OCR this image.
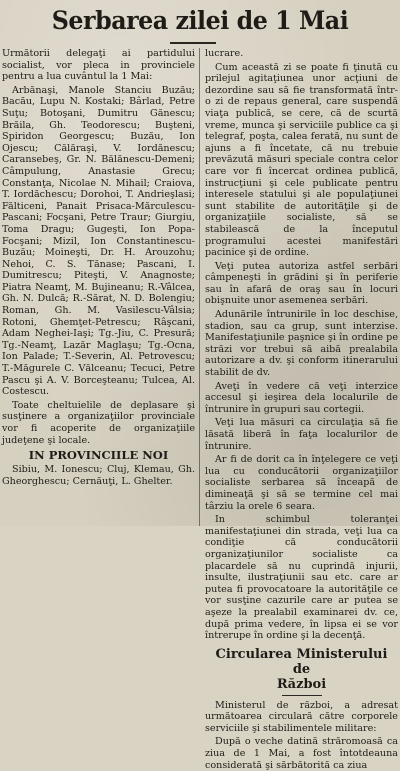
Serbarea zilei de 1 Mai

Următorii delegaţi ai partidului socialist, vor pleca in provinciele pentru a lua cuvântul la 1 Mai:

Arbănaşi, Manole Stanciu Buzău; Bacău, Lupu N. Kostaki; Bârlad, Petre Suţu; Botoşani, Dumitru Gănescu; Brăila, Gh. Teodorescu; Buşteni, Spiridon Georgescu; Buzău, Ion Ojescu; Călăraşi, V. Iordănescu; Caransebeş, Gr. N. Bălănescu-Demeni; Câmpulung, Anastasie Grecu; Constanţa, Nicolae N. Mihail; Craiova, T. Iordăchescu; Dorohoi, T. Andrieşlasi; Fălticeni, Panait Prisaca-Mărculescu-Pascani; Focşani, Petre Traur; Giurgiu, Toma Dragu; Gugeşti, Ion Popa-Focşani; Mizil, Ion Constantinescu-Buzău; Moineşti, Dr. H. Arouzohu; Nehoi, C. S. Tănase; Pascani, I. Dumitrescu; Piteşti, V. Anagnoste; Piatra Neamţ, M. Bujineanu; R.-Vâlcea, Gh. N. Dulcă; R.-Sărat, N. D. Bolengiu; Roman, Gh. M. Vasilescu-Vâlsia; Rotoni, Ghemţet-Petrescu; Râşcani, Adam Neghei-Iaşi; Tg.-Jiu, C. Presură; Tg.-Neamţ, Lazăr Maglaşu; Tg.-Ocna, Ion Palade; T.-Severin, Al. Petrovescu; T.-Măgurele C. Vălceanu; Tecuci, Petre Pascu şi A. V. Borceşteanu; Tulcea, Al. Costescu.

Toate cheltuielile de deplasare şi susţinere a organizaţiilor provinciale vor fi acoperite de organizaţiile judeţene şi locale.

IN PROVINCIILE NOI

Sibiu, M. Ionescu; Cluj, Klemau, Gh. Gheorghescu; Cernăuţi, L. Ghelter.

lucrare.

Cum această zi se poate fi ţinută cu prilejul agitaţiunea unor acţiuni de dezordine sau să fie transformată într-o zi de repaus general, care suspendă viaţa publică, se cere, că de scurtă vreme, munca şi serviciile publice ca şi telegraf, poşta, calea ferată, nu sunt de ajuns a fi încetate, că nu trebuie prevăzută măsuri speciale contra celor care vor fi încercat ordinea publică, instrucţiuni şi cele publicate pentru interesele statului şi ale populaţiunei sunt stabilite de autorităţile şi de organizaţiile socialiste, să se stabilească de la începutul programului acestei manifestări pacinice şi de ordine.

Veţi putea autoriza astfel serbări câmpeneşti în grădini şi în periferie sau în afară de oraş sau în locuri obişnuite unor asemenea serbări.

Adunările întrunirile în loc deschise, stadion, sau ca grup, sunt interzise. Manifestaţiunile paşnice şi în ordine pe străzi vor trebui să aibă prealabila autorizare a dv. şi conform itinerarului stabilit de dv.

Aveţi în vedere că veţi interzice accesul şi ieşirea dela localurile de întrunire în grupuri sau cortegii.

Veţi lua măsuri ca circulaţia să fie lăsată liberă în faţa localurilor de întrunire.

Ar fi de dorit ca în înţelegere ce veţi lua cu conducătorii organizaţiilor socialiste serbarea să înceapă de dimineaţă şi să se termine cel mai târziu la orele 6 seara.

In schimbul toleranţei manifestaţiunei din strada, veţi lua ca condiţie că conducătorii organizaţiunilor socialiste ca placardele să nu cuprindă injurii, insulte, ilustraţiunii sau etc. care ar putea fi provocatoare la autorităţile ce vor susţine cazurile care ar putea se aşeze la prealabil examinarei dv. ce, după prima vedere, în lipsa ei se vor întrerupe în ordine şi la decenţă.

Circularea Ministerului de
Război

Ministerul de război, a adresat următoarea circulară către corporele serviciile şi stabilimentele militare:

După o veche datină străromoasă ca ziua de 1 Mai, a fost întotdeauna considerată şi sărbătorită ca ziua
